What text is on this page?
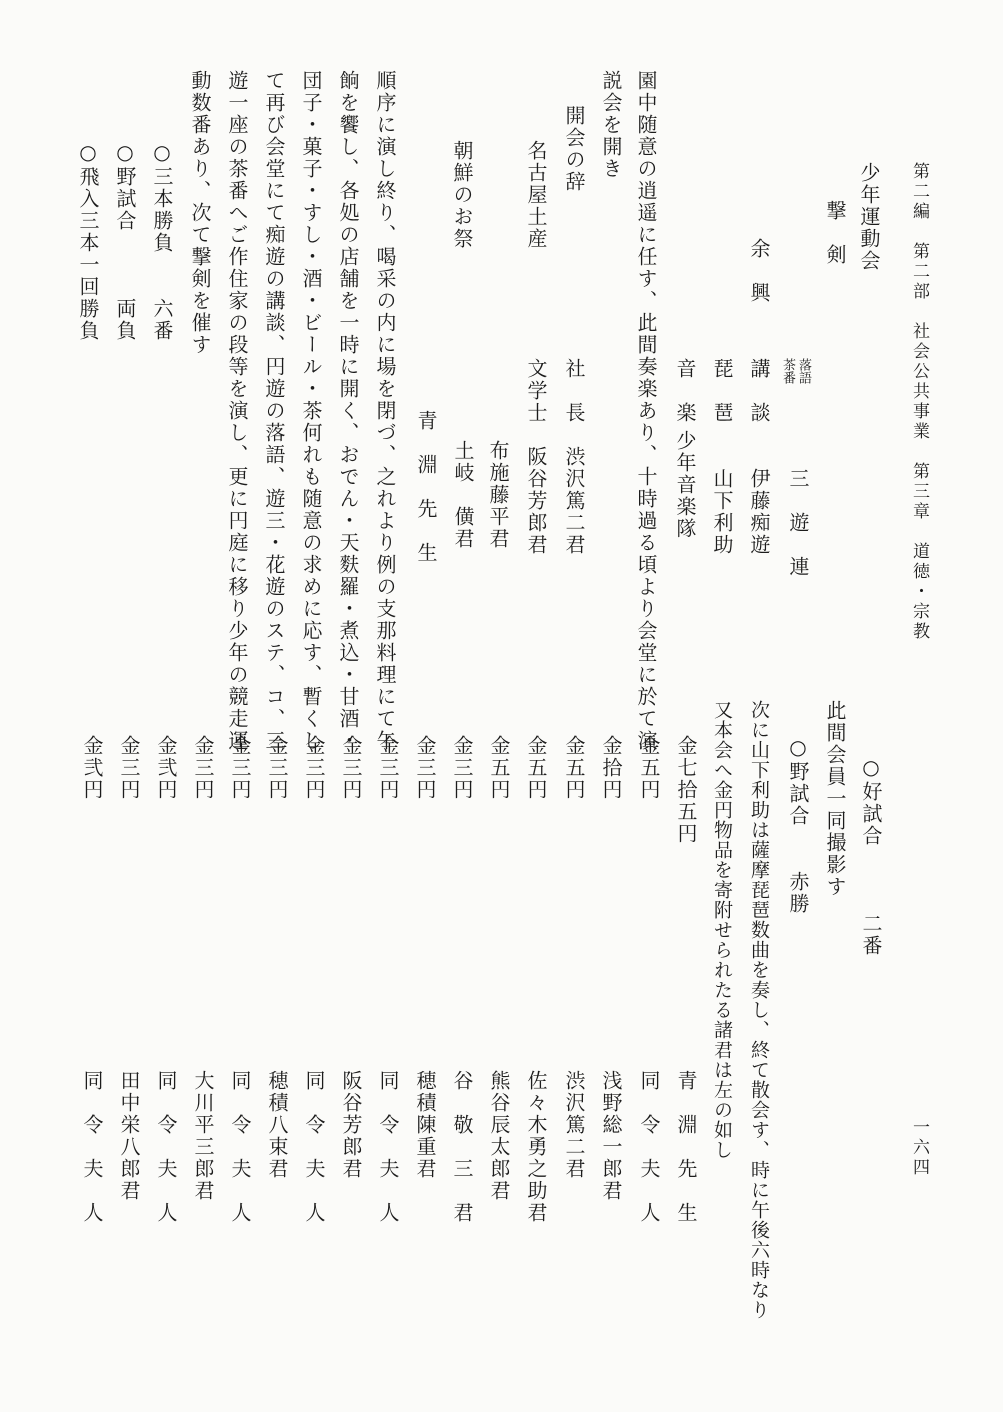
第二編　第二部　社会公共事業　第三章　道徳・宗教
一六四
少年運動会
撃　剣
余　興
音　楽 琵　琶 講　談 落語
茶番
伊藤痴遊
山下利助
少年音楽隊	三　遊　連
園中随意の逍遥に任す、此間奏楽あり、十時過る頃より会堂に於て演
説会を開き
開会の辞
社　長　渋沢篤二君
名古屋土産
文学士　阪谷芳郎君
布施藤平君
土岐　僙君
朝鮮のお祭
青　淵　先　生
順序に演し終り、喝采の内に場を閉づ、之れより例の支那料理にて午
餉を饗し、各処の店舗を一時に開く、おでん・天麩羅・煮込・甘酒・
団子・菓子・すし・酒・ビール・茶何れも随意の求めに応す、暫くし
て再び会堂にて痴遊の講談、円遊の落語、遊三・花遊のステ、コ、三
遊一座の茶番へご作住家の段等を演し、更に円庭に移り少年の競走運
動数番あり、次て撃剣を催す
○三本勝負　　六番
○野試合　　　両負
○飛入三本一回勝負
○好試合　　　二番
此間会員一同撮影す
○野試合　　赤勝
次に山下利助は薩摩琵琶数曲を奏し、終て散会す、時に午後六時なり
又本会へ金円物品を寄附せられたる諸君は左の如し
金七拾五円
金五円
金拾円
金五円
金五円
金五円
金三円
金三円
金三円
金三円
金三円
金三円
金三円
金三円
金弐円
金三円
金弐円
青　淵　先　生
同　令　夫　人
浅野総一郎君
渋沢篤二君
佐々木勇之助君
熊谷辰太郎君
谷　敬　三　君
穂積陳重君
同　令　夫　人
阪谷芳郎君
同　令　夫　人
穂積八束君
同　令　夫　人
大川平三郎君
同　令　夫　人
田中栄八郎君
同　令　夫　人
